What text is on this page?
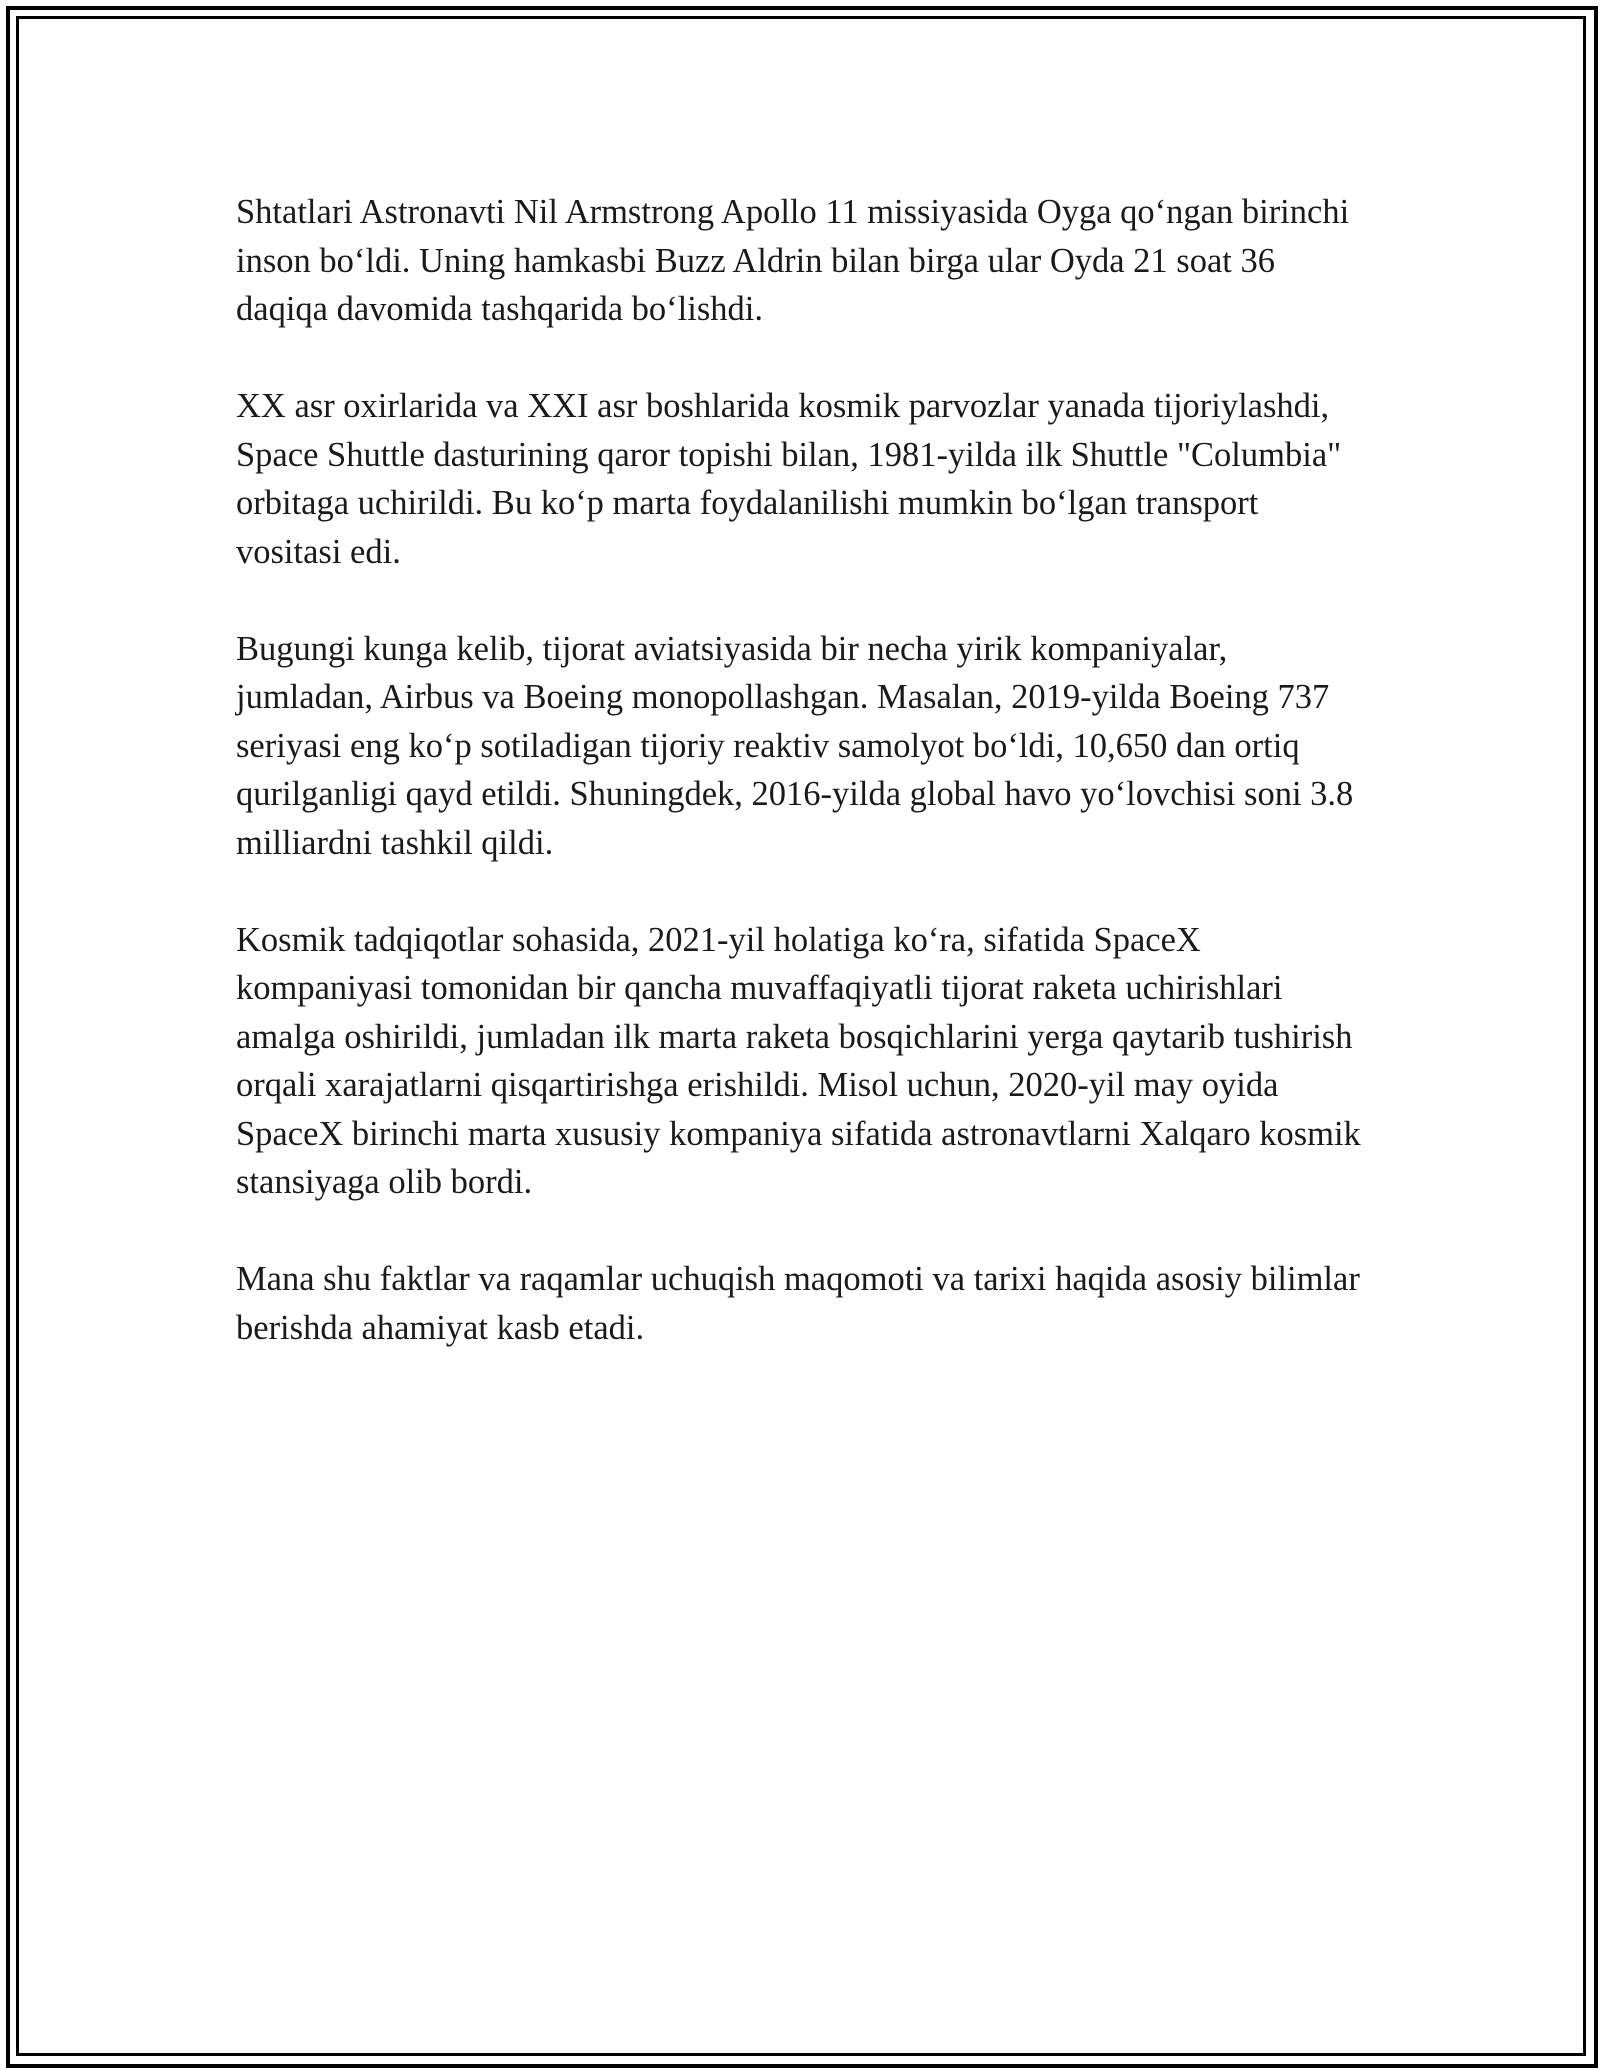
Shtatlari Astronavti Nil Armstrong Apollo 11 missiyasida Oyga qo‘ngan birinchi inson bo‘ldi. Uning hamkasbi Buzz Aldrin bilan birga ular Oyda 21 soat 36 daqiqa davomida tashqarida bo‘lishdi.

XX asr oxirlarida va XXI asr boshlarida kosmik parvozlar yanada tijoriylashdi, Space Shuttle dasturining qaror topishi bilan, 1981-yilda ilk Shuttle "Columbia" orbitaga uchirildi. Bu ko‘p marta foydalanilishi mumkin bo‘lgan transport vositasi edi.

Bugungi kunga kelib, tijorat aviatsiyasida bir necha yirik kompaniyalar, jumladan, Airbus va Boeing monopollashgan. Masalan, 2019-yilda Boeing 737 seriyasi eng ko‘p sotiladigan tijoriy reaktiv samolyot bo‘ldi, 10,650 dan ortiq qurilganligi qayd etildi. Shuningdek, 2016-yilda global havo yo‘lovchisi soni 3.8 milliardni tashkil qildi.

Kosmik tadqiqotlar sohasida, 2021-yil holatiga ko‘ra, sifatida SpaceX kompaniyasi tomonidan bir qancha muvaffaqiyatli tijorat raketa uchirishlari amalga oshirildi, jumladan ilk marta raketa bosqichlarini yerga qaytarib tushirish orqali xarajatlarni qisqartirishga erishildi. Misol uchun, 2020-yil may oyida SpaceX birinchi marta xususiy kompaniya sifatida astronavtlarni Xalqaro kosmik stansiyaga olib bordi.

Mana shu faktlar va raqamlar uchuqish maqomoti va tarixi haqida asosiy bilimlar berishda ahamiyat kasb etadi.
